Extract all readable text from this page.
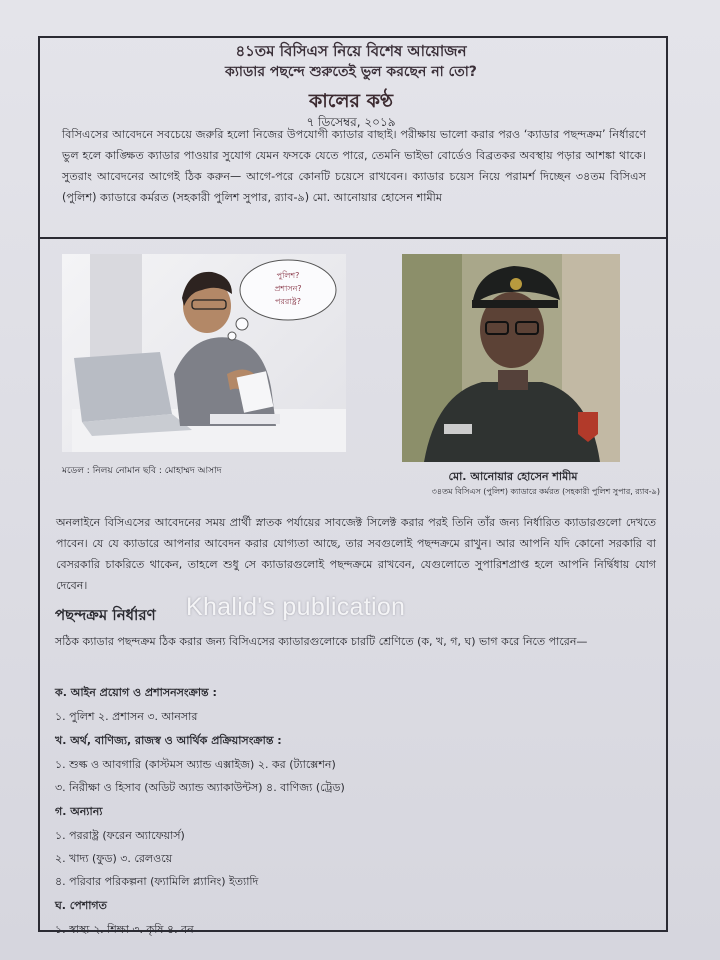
৪১তম বিসিএস নিয়ে বিশেষ আয়োজন
ক্যাডার পছন্দে শুরুতেই ভুল করছেন না তো?
কালের কণ্ঠ
৭ ডিসেম্বর, ২০১৯
বিসিএসের আবেদনে সবচেয়ে জরুরি হলো নিজের উপযোগী ক্যাডার বাছাই। পরীক্ষায় ভালো করার পরও ‘ক্যাডার পছন্দক্রম’ নির্ধারণে ভুল হলে কাঙ্ক্ষিত ক্যাডার পাওয়ার সুযোগ যেমন ফসকে যেতে পারে, তেমনি ভাইভা বোর্ডেও বিব্রতকর অবস্থায় পড়ার আশঙ্কা থাকে। সুতরাং আবেদনের আগেই ঠিক করুন— আগে-পরে কোনটি চয়েসে রাখবেন। ক্যাডার চয়েস নিয়ে পরামর্শ দিচ্ছেন ৩৪তম বিসিএস (পুলিশ) ক্যাডারে কর্মরত (সহকারী পুলিশ সুপার, র‍্যাব-৯) মো. আনোয়ার হোসেন শামীম
পুলিশ?
প্রশাসন?
পররাষ্ট্র?
মডেল : নিলয় নোমান ছবি : মোহাম্মদ আসাদ	মো. আনোয়ার হোসেন শামীম
৩৪তম বিসিএস (পুলিশ) ক্যাডারে কর্মরত (সহকারী পুলিশ সুপার, র‍্যাব-৯)
অনলাইনে বিসিএসের আবেদনের সময় প্রার্থী স্নাতক পর্যায়ের সাবজেক্ট সিলেক্ট করার পরই তিনি তাঁর জন্য নির্ধারিত ক্যাডারগুলো দেখতে পাবেন। যে যে ক্যাডারে আপনার আবেদন করার যোগ্যতা আছে, তার সবগুলোই পছন্দক্রমে রাখুন। আর আপনি যদি কোনো সরকারি বা বেসরকারি চাকরিতে থাকেন, তাহলে শুধু সে ক্যাডারগুলোই পছন্দক্রমে রাখবেন, যেগুলোতে সুপারিশপ্রাপ্ত হলে আপনি নির্দ্বিধায় যোগ দেবেন।
পছন্দক্রম নির্ধারণ
সঠিক ক্যাডার পছন্দক্রম ঠিক করার জন্য বিসিএসের ক্যাডারগুলোকে চারটি শ্রেণিতে (ক, খ, গ, ঘ) ভাগ করে নিতে পারেন—
ক. আইন প্রয়োগ ও প্রশাসনসংক্রান্ত :
১. পুলিশ ২. প্রশাসন ৩. আনসার
খ. অর্থ, বাণিজ্য, রাজস্ব ও আর্থিক প্রক্রিয়াসংক্রান্ত :
১. শুল্ক ও আবগারি (কাস্টমস অ্যান্ড এক্সাইজ) ২. কর (ট্যাক্সেশন)
৩. নিরীক্ষা ও হিসাব (অডিট অ্যান্ড অ্যাকাউন্টস) ৪. বাণিজ্য (ট্রেড)
গ. অন্যান্য
১. পররাষ্ট্র (ফরেন অ্যাফেয়ার্স)
২. খাদ্য (ফুড) ৩. রেলওয়ে
৪. পরিবার পরিকল্পনা (ফ্যামিলি প্ল্যানিং) ইত্যাদি
ঘ. পেশাগত
১. স্বাস্থ্য ২. শিক্ষা ৩. কৃষি ৪. বন
Khalid's publication
